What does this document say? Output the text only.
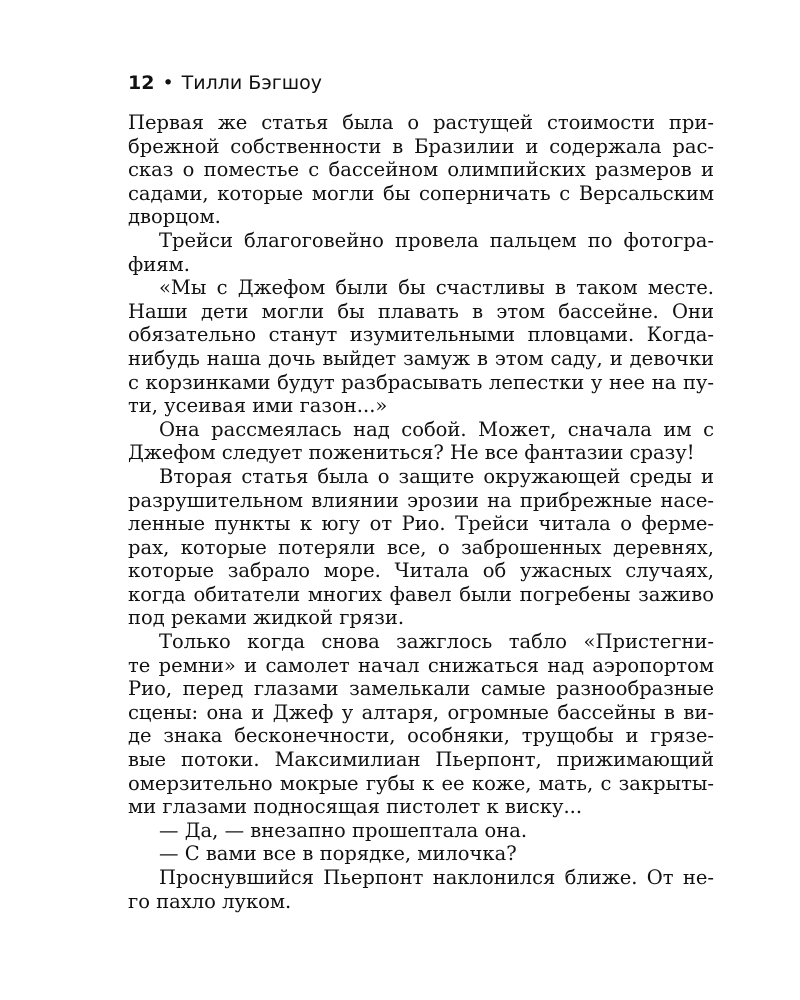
12 • Тилли Бэгшоу
Первая же статья была о растущей стоимости при-
брежной собственности в Бразилии и содержала рас-
сказ о поместье с бассейном олимпийских размеров и
садами, которые могли бы соперничать с Версальским
дворцом.
Трейси благоговейно провела пальцем по фотогра-
фиям.
«Мы с Джефом были бы счастливы в таком месте.
Наши дети могли бы плавать в этом бассейне. Они
обязательно станут изумительными пловцами. Когда-
нибудь наша дочь выйдет замуж в этом саду, и девочки
с корзинками будут разбрасывать лепестки у нее на пу-
ти, усеивая ими газон...»
Она рассмеялась над собой. Может, сначала им с
Джефом следует пожениться? Не все фантазии сразу!
Вторая статья была о защите окружающей среды и
разрушительном влиянии эрозии на прибрежные насе-
ленные пункты к югу от Рио. Трейси читала о ферме-
рах, которые потеряли все, о заброшенных деревнях,
которые забрало море. Читала об ужасных случаях,
когда обитатели многих фавел были погребены заживо
под реками жидкой грязи.
Только когда снова зажглось табло «Пристегни-
те ремни» и самолет начал снижаться над аэропортом
Рио, перед глазами замелькали самые разнообразные
сцены: она и Джеф у алтаря, огромные бассейны в ви-
де знака бесконечности, особняки, трущобы и грязе-
вые потоки. Максимилиан Пьерпонт, прижимающий
омерзительно мокрые губы к ее коже, мать, с закрыты-
ми глазами подносящая пистолет к виску...
— Да, — внезапно прошептала она.
— С вами все в порядке, милочка?
Проснувшийся Пьерпонт наклонился ближе. От не-
го пахло луком.
